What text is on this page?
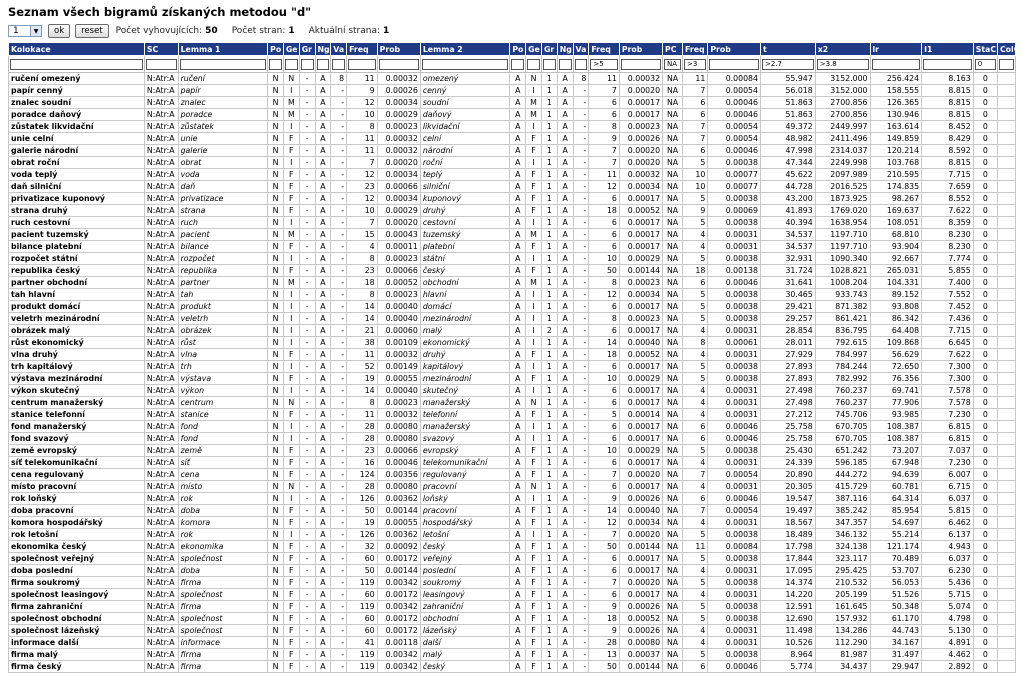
Seznam všech bigramů získaných metodou "d"
1	▼	ok	reset	Počet vyhovujících: 50 Počet stran: 1 Aktuální strana: 1
Kolokace	SC	Lemma 1	Po	Ge	Gr	Ng	Va	Freq	Prob	Lemma 2	Po	Ge	Gr	Ng	Va	Freq	Prob	PC	Freq	Prob	t	x2	lr	I1	StaC	ColC
																>5		NA	>3		>2.7	>3.8			0	
ručení omezený	N:Atr:A	ručení	N	N	-	A	8	11	0.00032	omezený	A	N	1	A	8	11	0.00032	NA	11	0.00084	55.947	3152.000	256.424	8.163	0	
papír cenný	N:Atr:A	papír	N	I	-	A	-	9	0.00026	cenný	A	I	1	A	-	7	0.00020	NA	7	0.00054	56.018	3152.000	158.555	8.815	0	
znalec soudní	N:Atr:A	znalec	N	M	-	A	-	12	0.00034	soudní	A	M	1	A	-	6	0.00017	NA	6	0.00046	51.863	2700.856	126.365	8.815	0	
poradce daňový	N:Atr:A	poradce	N	M	-	A	-	10	0.00029	daňový	A	M	1	A	-	6	0.00017	NA	6	0.00046	51.863	2700.856	130.946	8.815	0	
zůstatek likvidační	N:Atr:A	zůstatek	N	I	-	A	-	8	0.00023	likvidační	A	I	1	A	-	8	0.00023	NA	7	0.00054	49.372	2449.997	163.614	8.452	0	
unie celní	N:Atr:A	unie	N	F	-	A	-	11	0.00032	celní	A	F	1	A	-	9	0.00026	NA	7	0.00054	48.982	2411.496	149.859	8.429	0	
galerie národní	N:Atr:A	galerie	N	F	-	A	-	11	0.00032	národní	A	F	1	A	-	7	0.00020	NA	6	0.00046	47.998	2314.037	120.214	8.592	0	
obrat roční	N:Atr:A	obrat	N	I	-	A	-	7	0.00020	roční	A	I	1	A	-	7	0.00020	NA	5	0.00038	47.344	2249.998	103.768	8.815	0	
voda teplý	N:Atr:A	voda	N	F	-	A	-	12	0.00034	teplý	A	F	1	A	-	11	0.00032	NA	10	0.00077	45.622	2097.989	210.595	7.715	0	
daň silniční	N:Atr:A	daň	N	F	-	A	-	23	0.00066	silniční	A	F	1	A	-	12	0.00034	NA	10	0.00077	44.728	2016.525	174.835	7.659	0	
privatizace kuponový	N:Atr:A	privatizace	N	F	-	A	-	12	0.00034	kuponový	A	F	1	A	-	6	0.00017	NA	5	0.00038	43.200	1873.925	98.267	8.552	0	
strana druhý	N:Atr:A	strana	N	F	-	A	-	10	0.00029	druhý	A	F	1	A	-	18	0.00052	NA	9	0.00069	41.893	1769.020	169.637	7.622	0	
ruch cestovní	N:Atr:A	ruch	N	I	-	A	-	7	0.00020	cestovní	A	I	1	A	-	6	0.00017	NA	5	0.00038	40.394	1638.954	108.051	8.359	0	
pacient tuzemský	N:Atr:A	pacient	N	M	-	A	-	15	0.00043	tuzemský	A	M	1	A	-	6	0.00017	NA	4	0.00031	34.537	1197.710	68.810	8.230	0	
bilance platební	N:Atr:A	bilance	N	F	-	A	-	4	0.00011	platební	A	F	1	A	-	6	0.00017	NA	4	0.00031	34.537	1197.710	93.904	8.230	0	
rozpočet státní	N:Atr:A	rozpočet	N	I	-	A	-	8	0.00023	státní	A	I	1	A	-	10	0.00029	NA	5	0.00038	32.931	1090.340	92.667	7.774	0	
republika český	N:Atr:A	republika	N	F	-	A	-	23	0.00066	český	A	F	1	A	-	50	0.00144	NA	18	0.00138	31.724	1028.821	265.031	5.855	0	
partner obchodní	N:Atr:A	partner	N	M	-	A	-	18	0.00052	obchodní	A	M	1	A	-	8	0.00023	NA	6	0.00046	31.641	1008.204	104.331	7.400	0	
tah hlavní	N:Atr:A	tah	N	I	-	A	-	8	0.00023	hlavní	A	I	1	A	-	12	0.00034	NA	5	0.00038	30.465	933.743	89.152	7.552	0	
produkt domácí	N:Atr:A	produkt	N	I	-	A	-	14	0.00040	domácí	A	I	1	A	-	6	0.00017	NA	5	0.00038	29.421	871.382	93.808	7.452	0	
veletrh mezinárodní	N:Atr:A	veletrh	N	I	-	A	-	14	0.00040	mezinárodní	A	I	1	A	-	8	0.00023	NA	5	0.00038	29.257	861.421	86.342	7.436	0	
obrázek malý	N:Atr:A	obrázek	N	I	-	A	-	21	0.00060	malý	A	I	2	A	-	6	0.00017	NA	4	0.00031	28.854	836.795	64.408	7.715	0	
růst ekonomický	N:Atr:A	růst	N	I	-	A	-	38	0.00109	ekonomický	A	I	1	A	-	14	0.00040	NA	8	0.00061	28.011	792.615	109.868	6.645	0	
vlna druhý	N:Atr:A	vlna	N	F	-	A	-	11	0.00032	druhý	A	F	1	A	-	18	0.00052	NA	4	0.00031	27.929	784.997	56.629	7.622	0	
trh kapitálový	N:Atr:A	trh	N	I	-	A	-	52	0.00149	kapitálový	A	I	1	A	-	6	0.00017	NA	5	0.00038	27.893	784.244	72.650	7.300	0	
výstava mezinárodní	N:Atr:A	výstava	N	F	-	A	-	19	0.00055	mezinárodní	A	F	1	A	-	10	0.00029	NA	5	0.00038	27.893	782.992	76.356	7.300	0	
výkon skutečný	N:Atr:A	výkon	N	I	-	A	-	14	0.00040	skutečný	A	I	1	A	-	6	0.00017	NA	4	0.00031	27.498	760.237	69.741	7.578	0	
centrum manažerský	N:Atr:A	centrum	N	N	-	A	-	8	0.00023	manažerský	A	N	1	A	-	6	0.00017	NA	4	0.00031	27.498	760.237	77.906	7.578	0	
stanice telefonní	N:Atr:A	stanice	N	F	-	A	-	11	0.00032	telefonní	A	F	1	A	-	5	0.00014	NA	4	0.00031	27.212	745.706	93.985	7.230	0	
fond manažerský	N:Atr:A	fond	N	I	-	A	-	28	0.00080	manažerský	A	I	1	A	-	6	0.00017	NA	6	0.00046	25.758	670.705	108.387	6.815	0	
fond svazový	N:Atr:A	fond	N	I	-	A	-	28	0.00080	svazový	A	I	1	A	-	6	0.00017	NA	6	0.00046	25.758	670.705	108.387	6.815	0	
země evropský	N:Atr:A	země	N	F	-	A	-	23	0.00066	evropský	A	F	1	A	-	10	0.00029	NA	5	0.00038	25.430	651.242	73.207	7.037	0	
síť telekomunikační	N:Atr:A	síť	N	F	-	A	-	16	0.00046	telekomunikační	A	F	1	A	-	6	0.00017	NA	4	0.00031	24.339	596.185	67.948	7.230	0	
cena regulovaný	N:Atr:A	cena	N	F	-	A	-	124	0.00356	regulovaný	A	F	1	A	-	7	0.00020	NA	7	0.00054	20.890	444.272	94.639	6.007	0	
místo pracovní	N:Atr:A	místo	N	N	-	A	-	28	0.00080	pracovní	A	N	1	A	-	6	0.00017	NA	4	0.00031	20.305	415.729	60.781	6.715	0	
rok loňský	N:Atr:A	rok	N	I	-	A	-	126	0.00362	loňský	A	I	1	A	-	9	0.00026	NA	6	0.00046	19.547	387.116	64.314	6.037	0	
doba pracovní	N:Atr:A	doba	N	F	-	A	-	50	0.00144	pracovní	A	F	1	A	-	14	0.00040	NA	7	0.00054	19.497	385.242	85.954	5.815	0	
komora hospodářský	N:Atr:A	komora	N	F	-	A	-	19	0.00055	hospodářský	A	F	1	A	-	12	0.00034	NA	4	0.00031	18.567	347.357	54.697	6.462	0	
rok letošní	N:Atr:A	rok	N	I	-	A	-	126	0.00362	letošní	A	I	1	A	-	7	0.00020	NA	5	0.00038	18.489	346.132	55.214	6.137	0	
ekonomika český	N:Atr:A	ekonomika	N	F	-	A	-	32	0.00092	český	A	F	1	A	-	50	0.00144	NA	11	0.00084	17.798	324.138	121.174	4.943	0	
společnost veřejný	N:Atr:A	společnost	N	F	-	A	-	60	0.00172	veřejný	A	F	1	A	-	6	0.00017	NA	5	0.00038	17.844	323.117	70.489	6.037	0	
doba poslední	N:Atr:A	doba	N	F	-	A	-	50	0.00144	poslední	A	F	1	A	-	6	0.00017	NA	4	0.00031	17.095	295.425	53.707	6.230	0	
firma soukromý	N:Atr:A	firma	N	F	-	A	-	119	0.00342	soukromý	A	F	1	A	-	7	0.00020	NA	5	0.00038	14.374	210.532	56.053	5.436	0	
společnost leasingový	N:Atr:A	společnost	N	F	-	A	-	60	0.00172	leasingový	A	F	1	A	-	6	0.00017	NA	4	0.00031	14.220	205.199	51.526	5.715	0	
firma zahraniční	N:Atr:A	firma	N	F	-	A	-	119	0.00342	zahraniční	A	F	1	A	-	9	0.00026	NA	5	0.00038	12.591	161.645	50.348	5.074	0	
společnost obchodní	N:Atr:A	společnost	N	F	-	A	-	60	0.00172	obchodní	A	F	1	A	-	18	0.00052	NA	5	0.00038	12.690	157.932	61.170	4.798	0	
společnost lázeňský	N:Atr:A	společnost	N	F	-	A	-	60	0.00172	lázeňský	A	F	1	A	-	9	0.00026	NA	4	0.00031	11.498	134.286	44.743	5.130	0	
informace další	N:Atr:A	informace	N	F	-	A	-	41	0.00118	další	A	F	1	A	-	28	0.00080	NA	4	0.00031	10.526	112.290	34.167	4.891	0	
firma malý	N:Atr:A	firma	N	F	-	A	-	119	0.00342	malý	A	F	1	A	-	13	0.00037	NA	5	0.00038	8.964	81.987	31.497	4.462	0	
firma český	N:Atr:A	firma	N	F	-	A	-	119	0.00342	český	A	F	1	A	-	50	0.00144	NA	6	0.00046	5.774	34.437	29.947	2.892	0	
